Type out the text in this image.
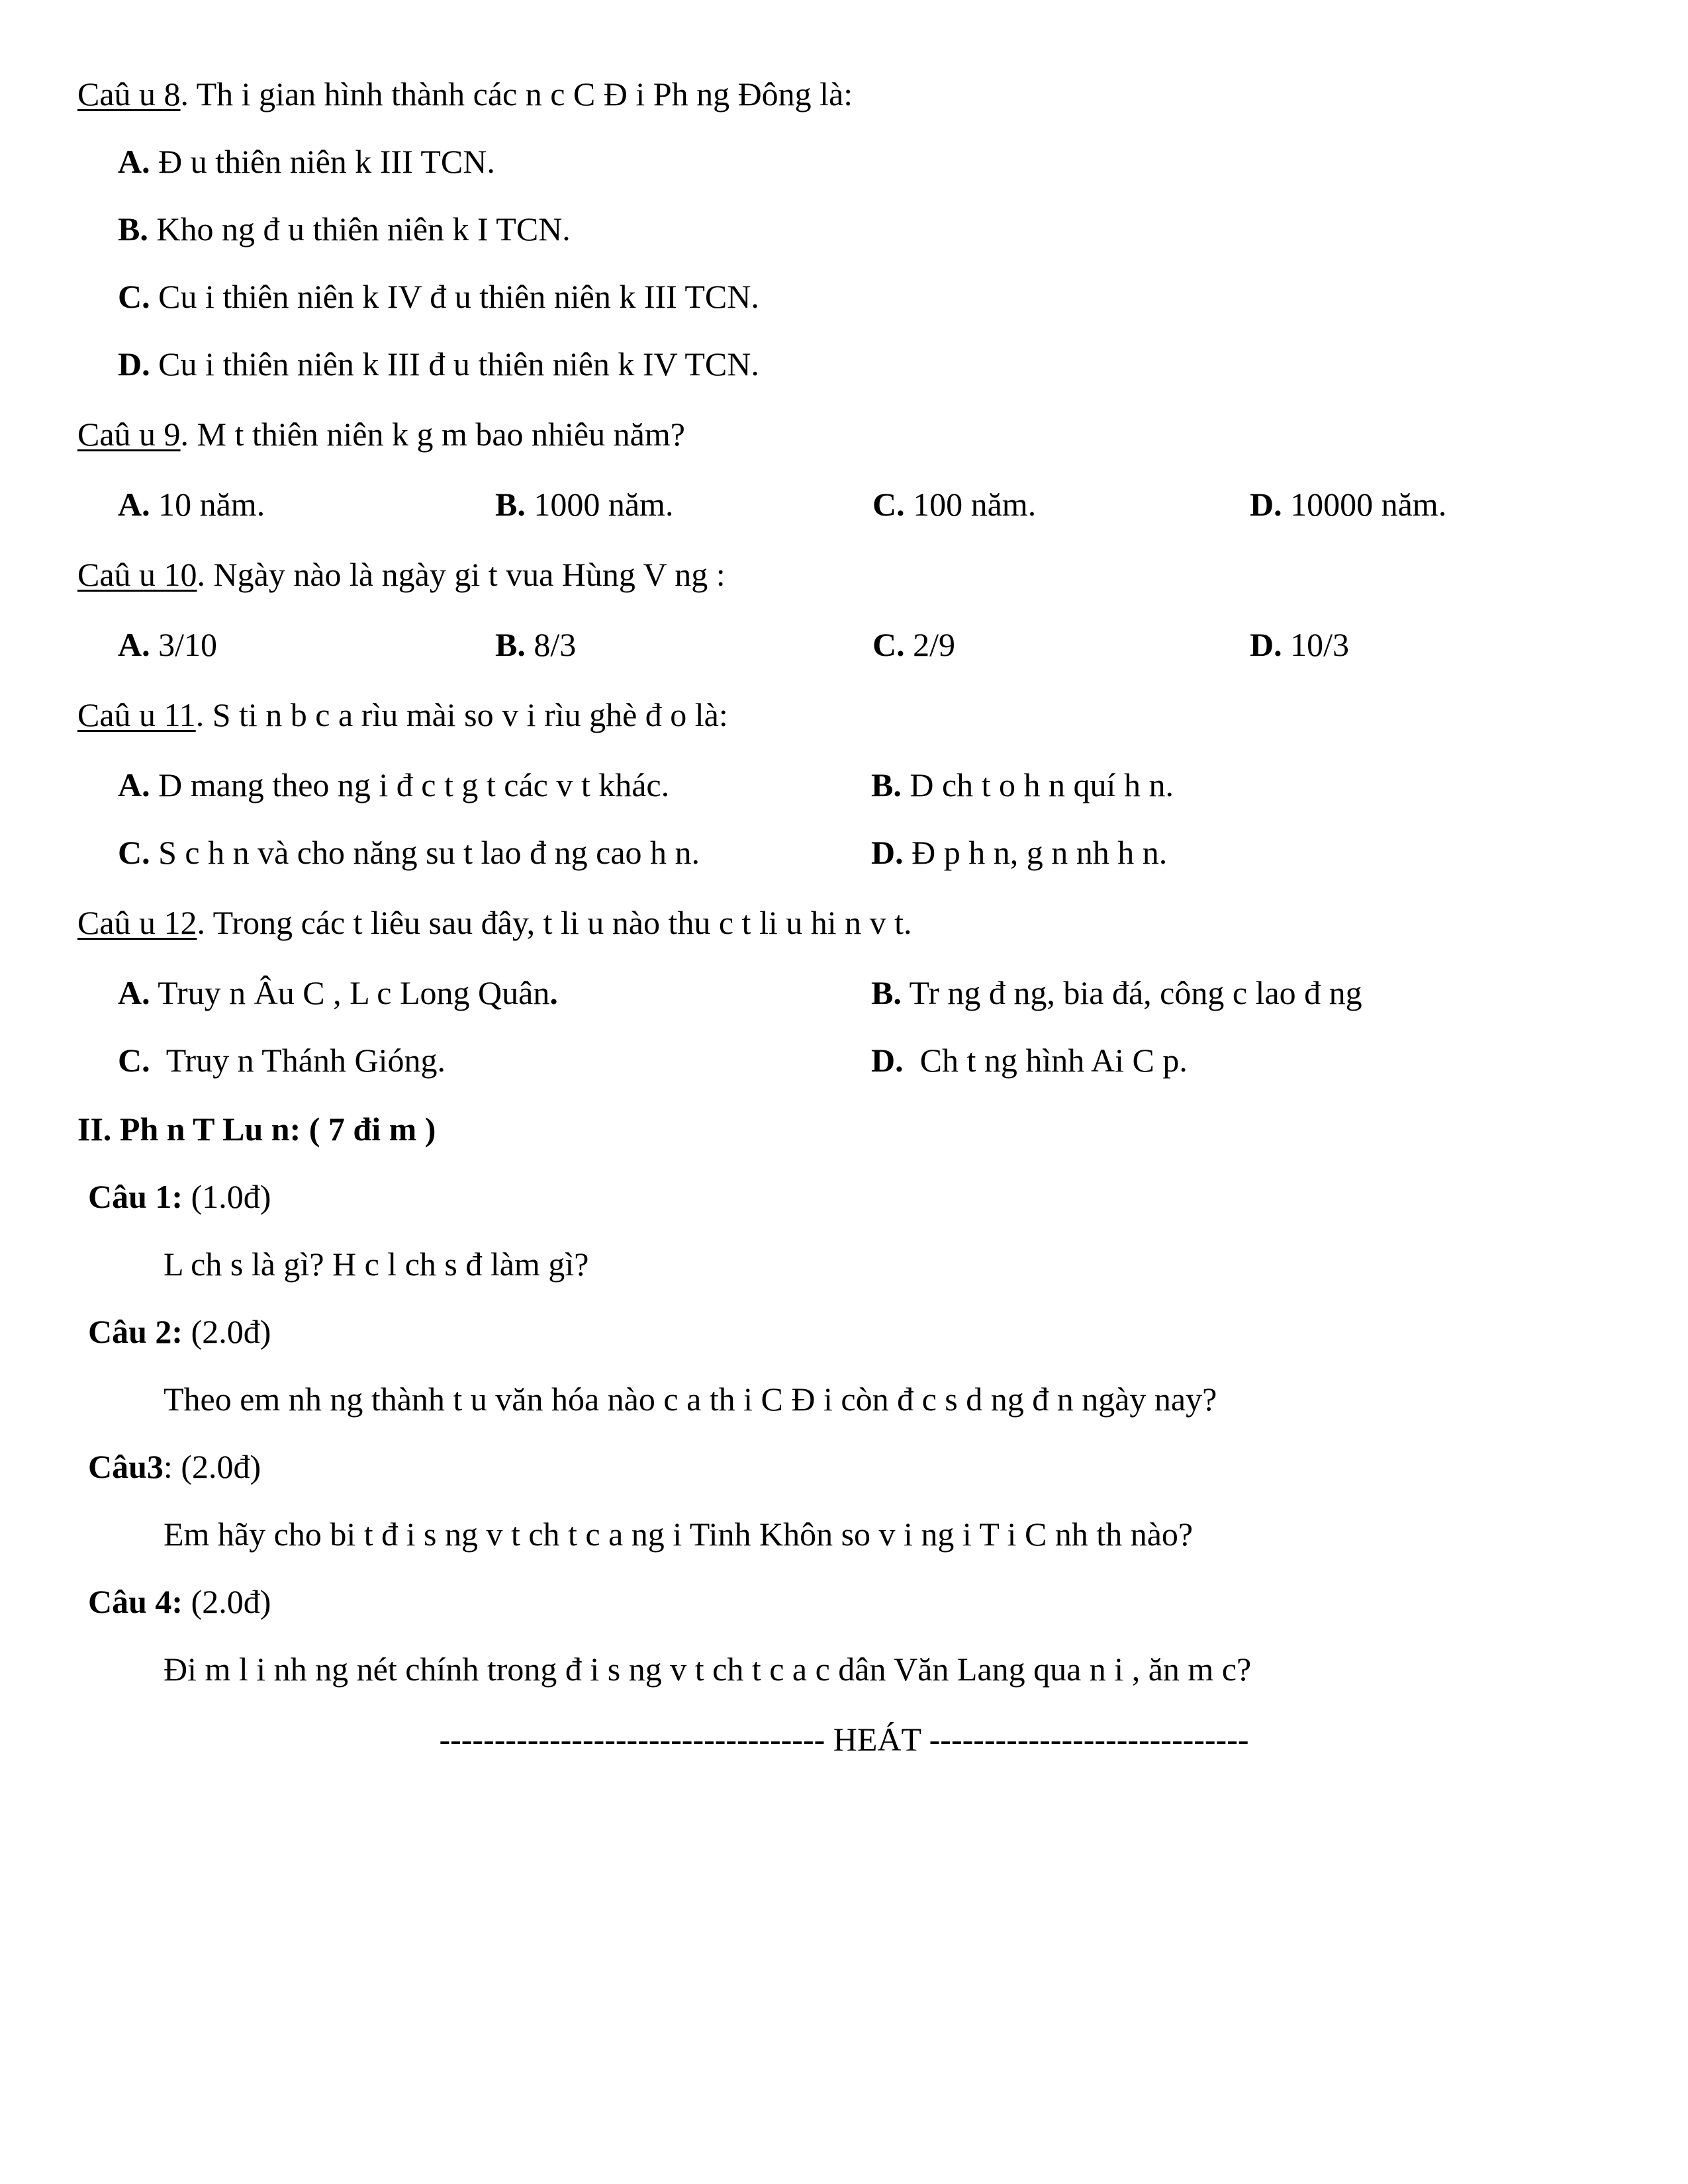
Caû u 8. Th i gian hình thành các n c C Đ i Ph ng Đông là:
A. Đ u thiên niên k III TCN.
B. Kho ng đ u thiên niên k I TCN.
C. Cu i thiên niên k IV đ u thiên niên k III TCN.
D. Cu i thiên niên k III đ u thiên niên k IV TCN.
Caû u 9. M t thiên niên k g m bao nhiêu năm?
A. 10 năm.	B. 1000 năm.	C. 100 năm.	D. 10000 năm.
Caû u 10. Ngày nào là ngày gi t vua Hùng V ng :
A. 3/10	B. 8/3	C. 2/9	D. 10/3
Caû u 11. S ti n b c a rìu mài so v i rìu ghè đ o là:
A. D mang theo ng i đ c t g t các v t khác.	B. D ch t o h n quí h n.
C. S c h n và cho năng su t lao đ ng cao h n.	D. Đ p h n, g n nh h n.
Caû u 12. Trong các t liêu sau đây, t li u nào thu c t li u hi n v t.
A. Truy n Âu C , L c Long Quân.	B. Tr ng đ ng, bia đá, công c lao đ ng
C.  Truy n Thánh Gióng.	D.  Ch t ng hình Ai C p.
II. Ph n T Lu n: ( 7 đi m )
Câu 1: (1.0đ)
L ch s là gì? H c l ch s đ làm gì?
Câu 2: (2.0đ)
Theo em nh ng thành t u văn hóa nào c a th i C Đ i còn đ c s d ng đ n ngày nay?
Câu3: (2.0đ)
Em hãy cho bi t đ i s ng v t ch t c a ng i Tinh Khôn so v i ng i T i C nh th nào?
Câu 4: (2.0đ)
Đi m l i nh ng nét chính trong đ i s ng v t ch t c a c dân Văn Lang qua n i , ăn m c?
----------------------------------- HEÁT -----------------------------
